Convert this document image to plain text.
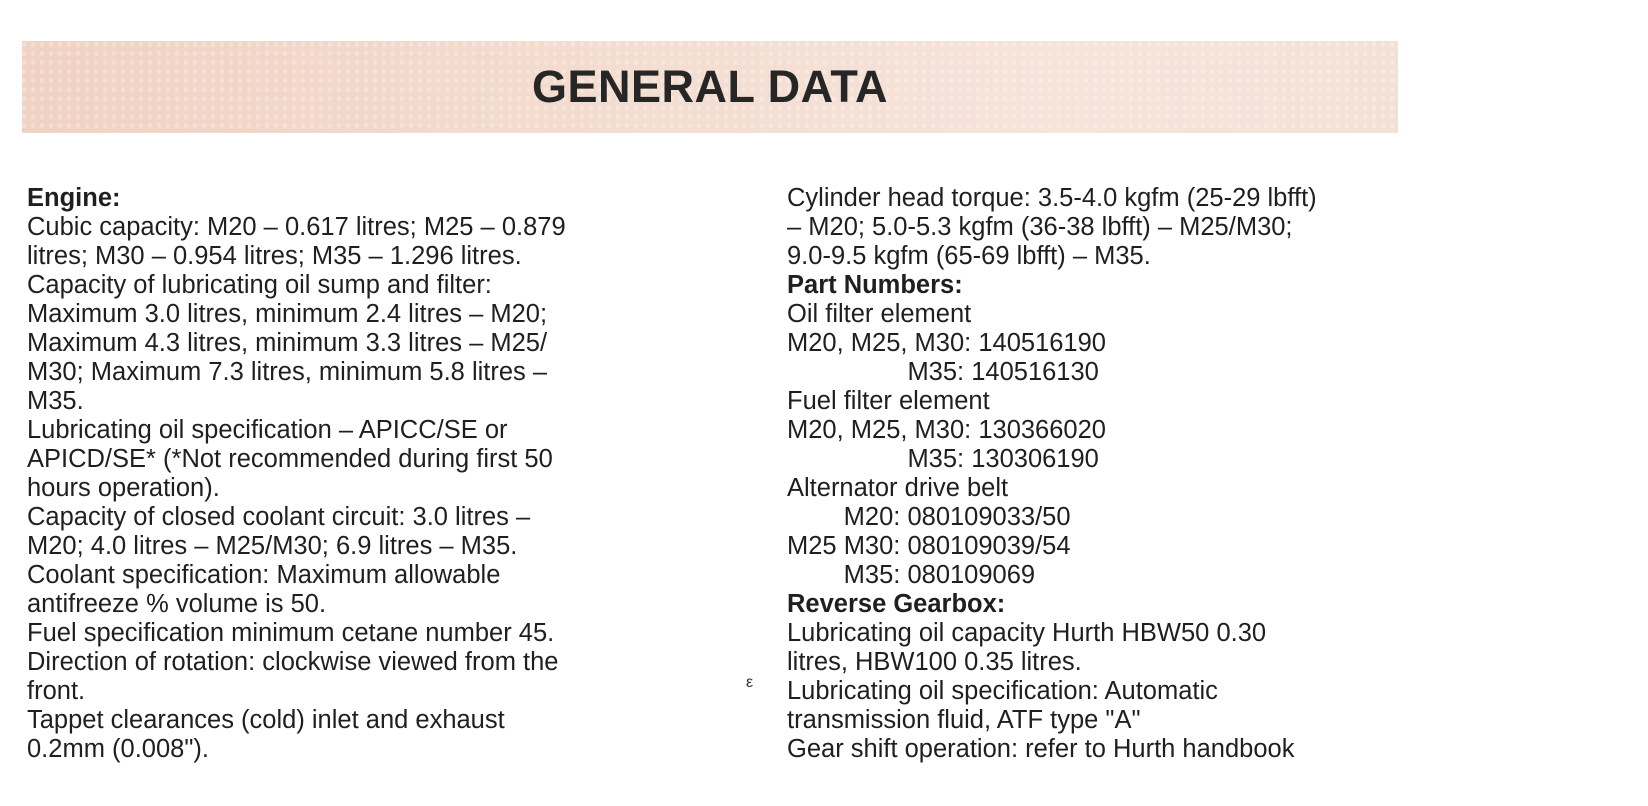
GENERAL DATA
Engine:
Cubic capacity: M20 – 0.617 litres; M25 – 0.879
litres; M30 – 0.954 litres; M35 – 1.296 litres.
Capacity of lubricating oil sump and filter:
Maximum 3.0 litres, minimum 2.4 litres – M20;
Maximum 4.3 litres, minimum 3.3 litres – M25/
M30; Maximum 7.3 litres, minimum 5.8 litres –
M35.
Lubricating oil specification – APICC/SE or
APICD/SE* (*Not recommended during first 50
hours operation).
Capacity of closed coolant circuit: 3.0 litres –
M20; 4.0 litres – M25/M30; 6.9 litres – M35.
Coolant specification: Maximum allowable
antifreeze % volume is 50.
Fuel specification minimum cetane number 45.
Direction of rotation: clockwise viewed from the
front.
Tappet clearances (cold) inlet and exhaust
0.2mm (0.008").
Cylinder head torque: 3.5-4.0 kgfm (25-29 lbfft)
– M20; 5.0-5.3 kgfm (36-38 lbfft) – M25/M30;
9.0-9.5 kgfm (65-69 lbfft) – M35.
Part Numbers:
Oil filter element
M20, M25, M30: 140516190
M35: 140516130
Fuel filter element
M20, M25, M30: 130366020
M35: 130306190
Alternator drive belt
M20: 080109033/50
M25 M30: 080109039/54
M35: 080109069
Reverse Gearbox:
Lubricating oil capacity Hurth HBW50 0.30
litres, HBW100 0.35 litres.
Lubricating oil specification: Automatic
transmission fluid, ATF type "A"
Gear shift operation: refer to Hurth handbook
ε
